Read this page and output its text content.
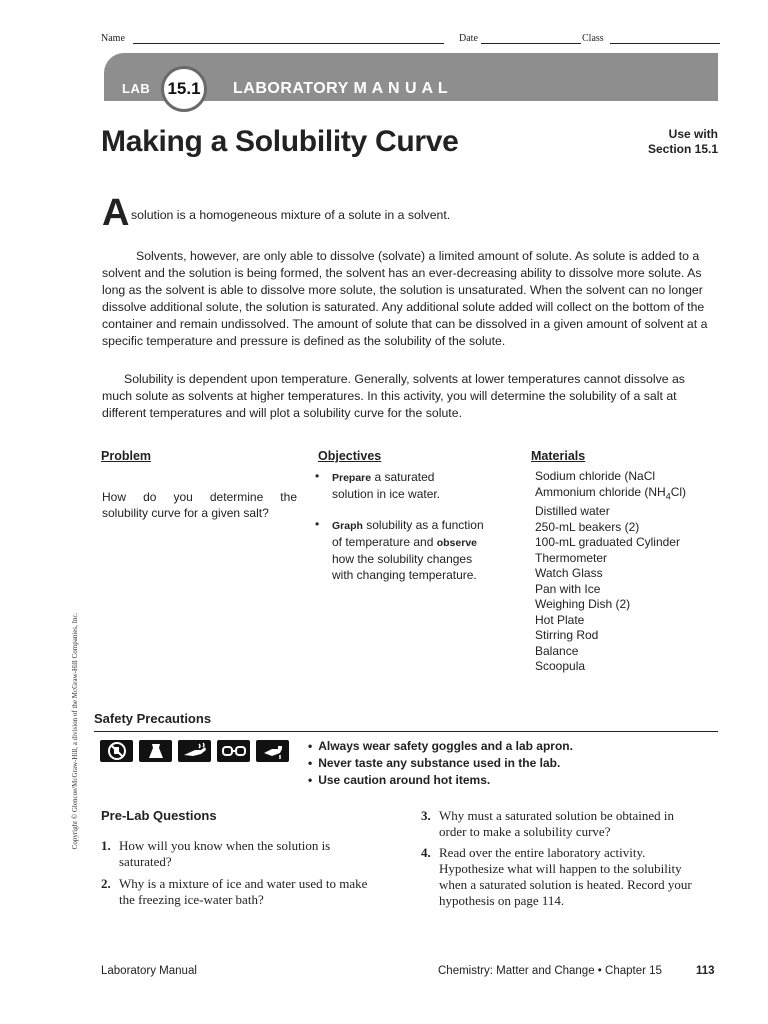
Name	Date	Class
LAB 15.1 LABORATORY M A N U A L
Making a Solubility Curve	Use with
Section 15.1
A solution is a homogeneous mixture of a solute in a solvent.

Solvents, however, are only able to dissolve (solvate) a limited amount of solute. As solute is added to a solvent and the solution is being formed, the solvent has an ever-decreasing ability to dissolve more solute. As long as the solvent is able to dissolve more solute, the solution is unsaturated. When the solvent can no longer dissolve additional solute, the solution is saturated. Any additional solute added will collect on the bottom of the container and remain undissolved. The amount of solute that can be dissolved in a given amount of solvent at a specific temperature and pressure is defined as the solubility of the solute.

Solubility is dependent upon temperature. Generally, solvents at lower temperatures cannot dissolve as much solute as solvents at higher temperatures. In this activity, you will determine the solubility of a salt at different temperatures and will plot a solubility curve for the solute.

Problem
How do you determine the
solubility curve for a given salt?
Objectives
• Prepare a saturated
solution in ice water.
• Graph solubility as a function
of temperature and observe
how the solubility changes
with changing temperature.
Materials
Sodium chloride (NaCl
Ammonium chloride $(NH_4Cl)$
Distilled water
250-mL beakers (2)
100-mL graduated Cylinder
Thermometer
Watch Glass
Pan with Ice
Weighing Dish (2)
Hot Plate
Stirring Rod
Balance
Scoopula
Copyright © Glencoe/McGraw-Hill, a division of the McGraw-Hill Companies, Inc. Safety Precautions
• Always wear safety goggles and a lab apron.
• Never taste any substance used in the lab.
• Use caution around hot items.
Pre-Lab Questions
1. How will you know when the solution is
saturated?
2. Why is a mixture of ice and water used to make
the freezing ice-water bath?
3. Why must a saturated solution be obtained in
order to make a solubility curve?
4. Read over the entire laboratory activity.
Hypothesize what will happen to the solubility
when a saturated solution is heated. Record your
hypothesis on page 114.
Laboratory Manual	Chemistry: Matter and Change • Chapter 15	113
